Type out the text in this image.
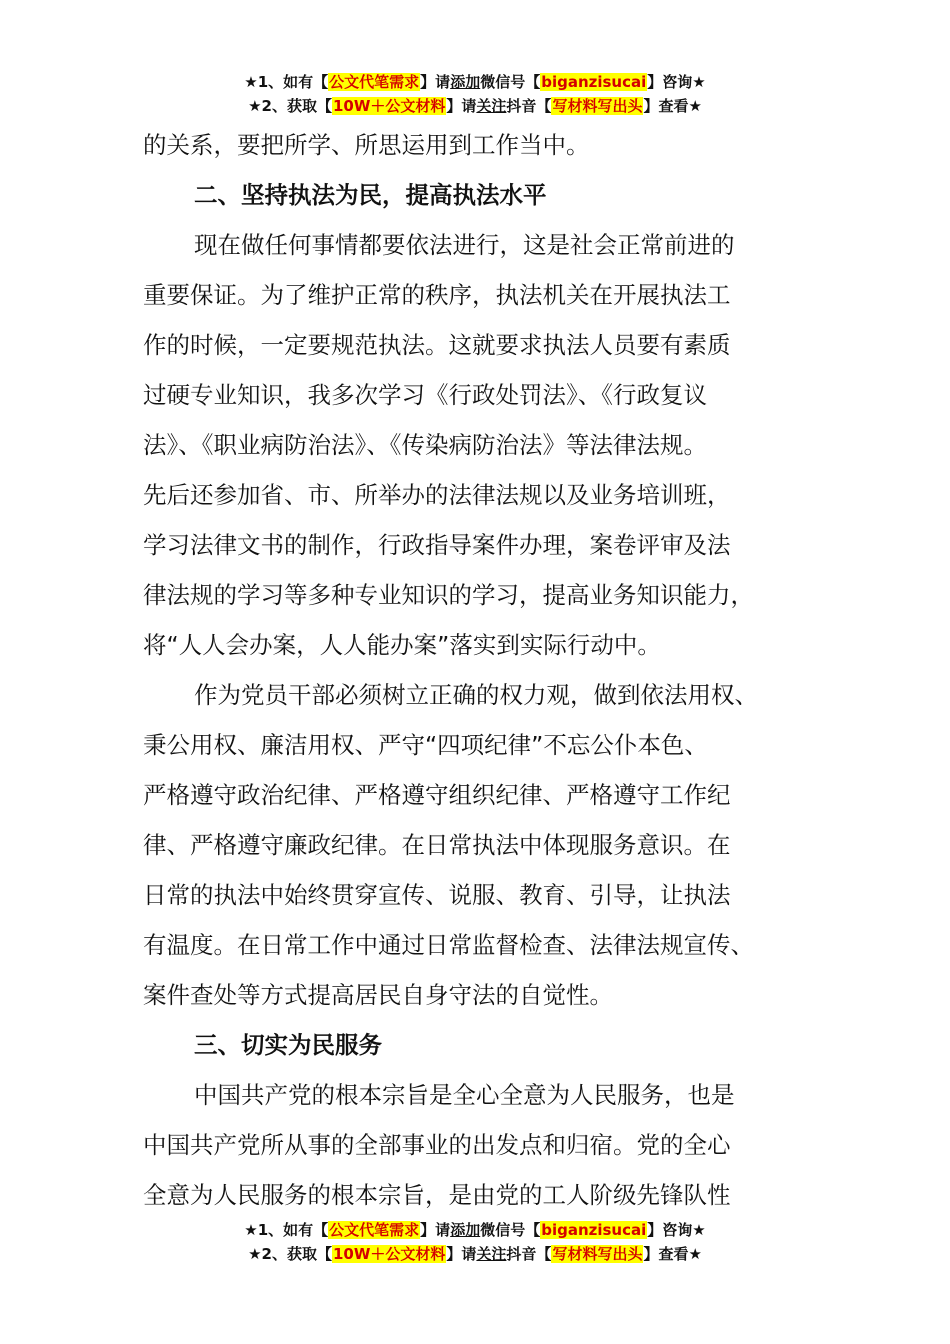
★1、如有【公文代笔需求】请添加微信号【biganzisucai】咨询★
★2、获取【10W＋公文材料】请关注抖音【写材料写出头】查看★

的关系，要把所学、所思运用到工作当中。

二、坚持执法为民，提高执法水平

现在做任何事情都要依法进行，这是社会正常前进的
重要保证。为了维护正常的秩序，执法机关在开展执法工
作的时候，一定要规范执法。这就要求执法人员要有素质
过硬专业知识，我多次学习《行政处罚法》、《行政复议
法》、《职业病防治法》、《传染病防治法》等法律法规。
先后还参加省、市、所举办的法律法规以及业务培训班，
学习法律文书的制作，行政指导案件办理，案卷评审及法
律法规的学习等多种专业知识的学习，提高业务知识能力，
将“人人会办案，人人能办案”落实到实际行动中。

作为党员干部必须树立正确的权力观，做到依法用权、
秉公用权、廉洁用权、严守“四项纪律”不忘公仆本色、
严格遵守政治纪律、严格遵守组织纪律、严格遵守工作纪
律、严格遵守廉政纪律。在日常执法中体现服务意识。在
日常的执法中始终贯穿宣传、说服、教育、引导，让执法
有温度。在日常工作中通过日常监督检查、法律法规宣传、
案件查处等方式提高居民自身守法的自觉性。

三、切实为民服务

中国共产党的根本宗旨是全心全意为人民服务，也是
中国共产党所从事的全部事业的出发点和归宿。党的全心
全意为人民服务的根本宗旨，是由党的工人阶级先锋队性

★1、如有【公文代笔需求】请添加微信号【biganzisucai】咨询★
★2、获取【10W＋公文材料】请关注抖音【写材料写出头】查看★
